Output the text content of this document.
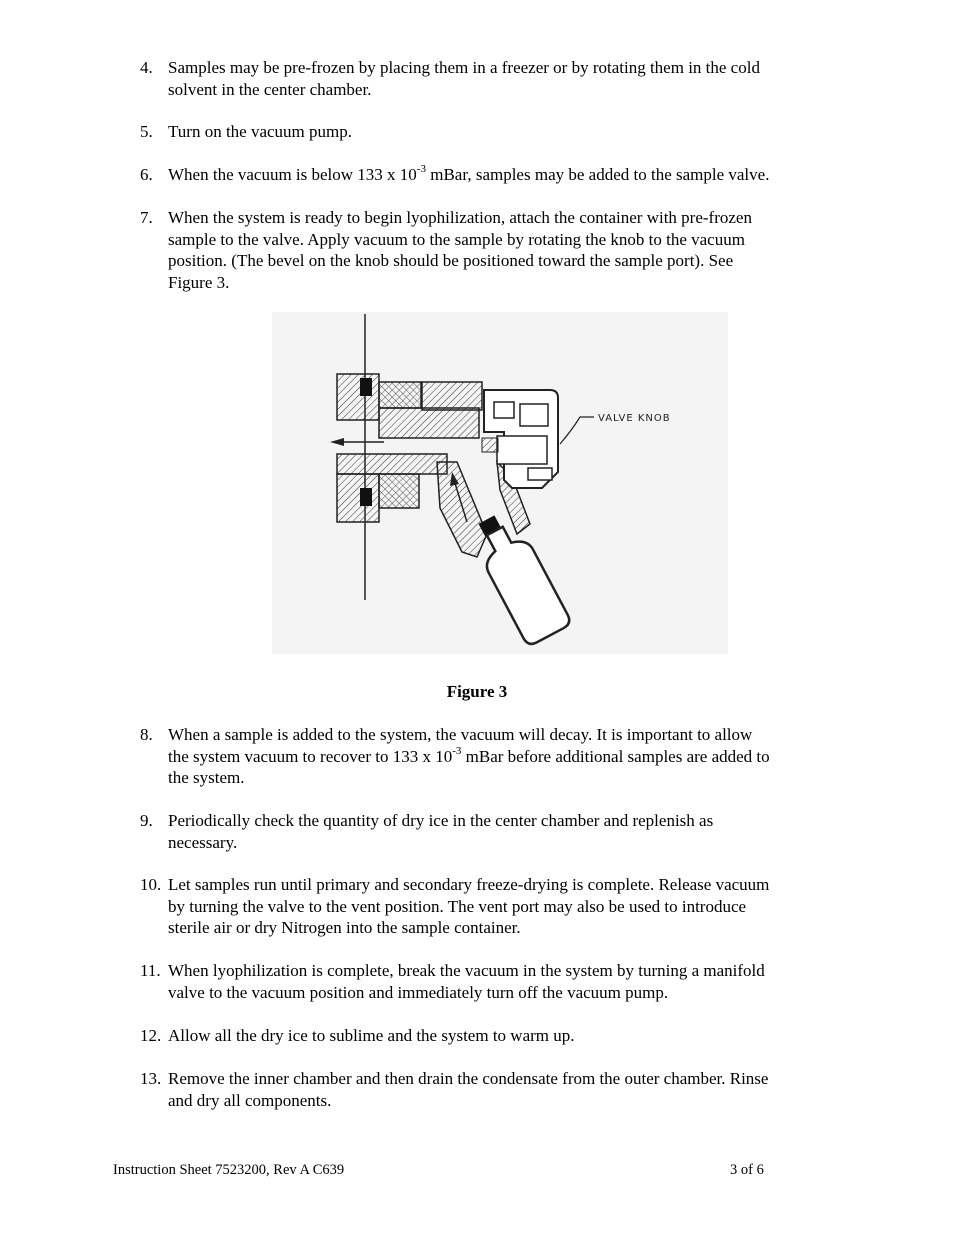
4. Samples may be pre-frozen by placing them in a freezer or by rotating them in the cold
solvent in the center chamber.
5. Turn on the vacuum pump.
6. When the vacuum is below 133 x $10^{-3}$ mBar, samples may be added to the sample valve.
7. When the system is ready to begin lyophilization, attach the container with pre-frozen
sample to the valve. Apply vacuum to the sample by rotating the knob to the vacuum
position. (The bevel on the knob should be positioned toward the sample port). See
Figure 3.
VALVE KNOB
Figure 3
8. When a sample is added to the system, the vacuum will decay. It is important to allow
the system vacuum to recover to 133 x $10^{-3}$ mBar before additional samples are added to
the system.
9. Periodically check the quantity of dry ice in the center chamber and replenish as
necessary.
10. Let samples run until primary and secondary freeze-drying is complete. Release vacuum
by turning the valve to the vent position. The vent port may also be used to introduce
sterile air or dry Nitrogen into the sample container.
11. When lyophilization is complete, break the vacuum in the system by turning a manifold
valve to the vacuum position and immediately turn off the vacuum pump.
12. Allow all the dry ice to sublime and the system to warm up.
13. Remove the inner chamber and then drain the condensate from the outer chamber. Rinse
and dry all components.
Instruction Sheet 7523200, Rev A C639	3 of 6
